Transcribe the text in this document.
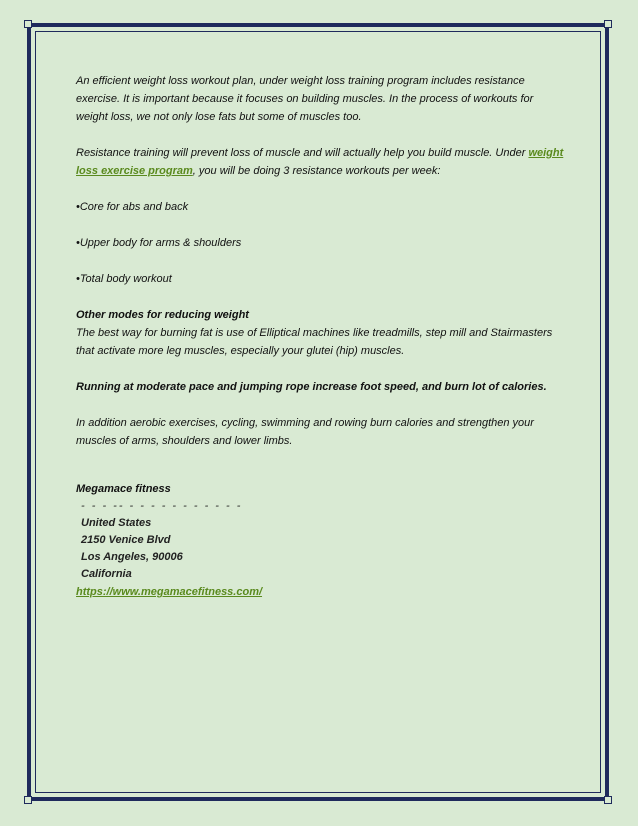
An efficient weight loss workout plan, under weight loss training program includes resistance exercise. It is important because it focuses on building muscles. In the process of workouts for weight loss, we not only lose fats but some of muscles too.

Resistance training will prevent loss of muscle and will actually help you build muscle. Under weight loss exercise program, you will be doing 3 resistance workouts per week:

•Core for abs and back

•Upper body for arms & shoulders

•Total body workout

Other modes for reducing weight

The best way for burning fat is use of Elliptical machines like treadmills, step mill and Stairmasters that activate more leg muscles, especially your glutei (hip) muscles.

Running at moderate pace and jumping rope increase foot speed, and burn lot of calories.

In addition aerobic exercises, cycling, swimming and rowing burn calories and strengthen your muscles of arms, shoulders and lower limbs.

Megamace fitness

- - - -- - - - - - - - - - - -
United States
2150 Venice Blvd
Los Angeles, 90006
California
https://www.megamacefitness.com/
